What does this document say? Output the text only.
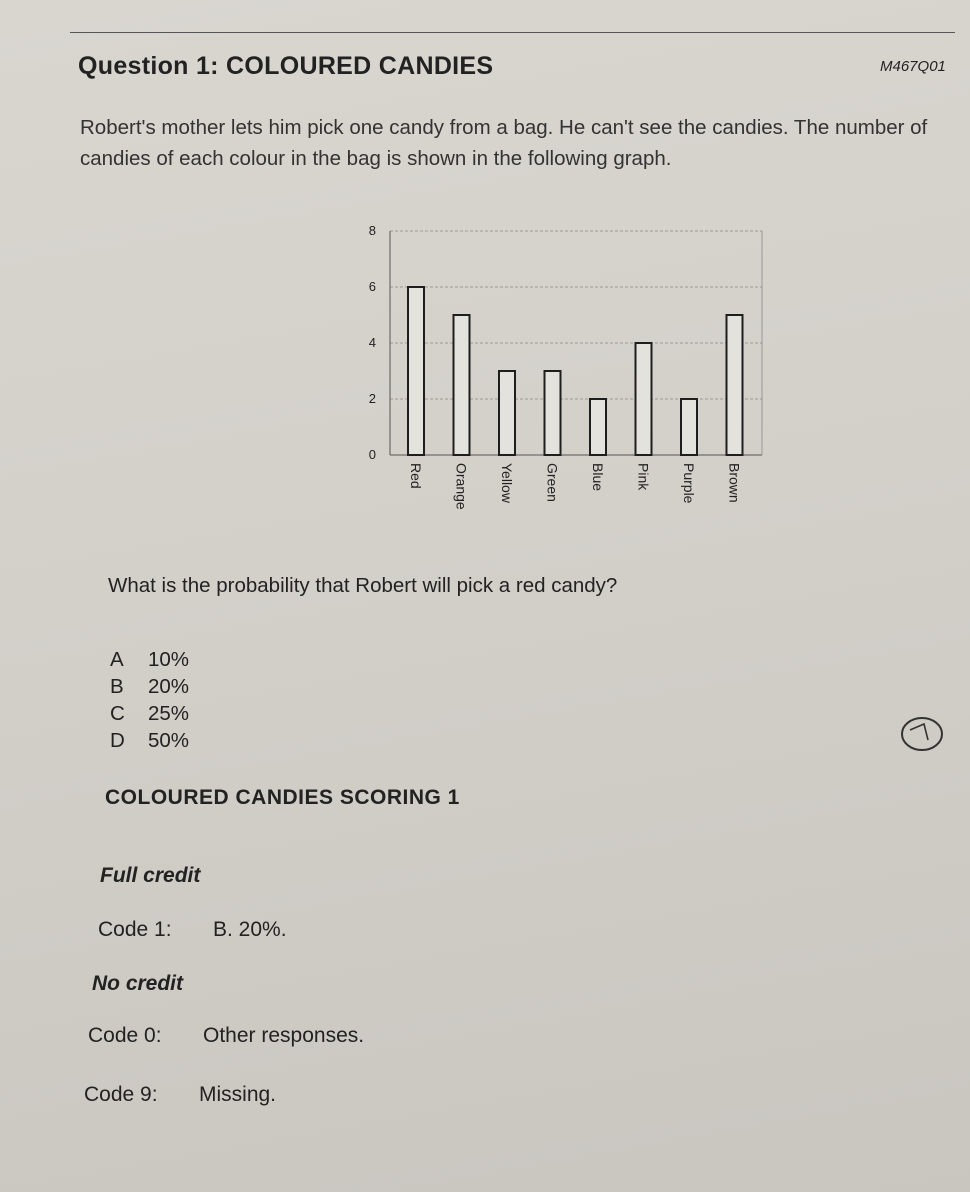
Question 1: COLOURED CANDIES	M467Q01
Robert's mother lets him pick one candy from a bag. He can't see the candies. The number of candies of each colour in the bag is shown in the following graph.
0
2
4
6
8
Red Orange Yellow Green Blue Pink Purple Brown
What is the probability that Robert will pick a red candy?
A 10%
B 20%
C 25%
D 50%
COLOURED CANDIES SCORING 1
Full credit
Code 1: B. 20%.
No credit
Code 0: Other responses.
Code 9: Missing.
